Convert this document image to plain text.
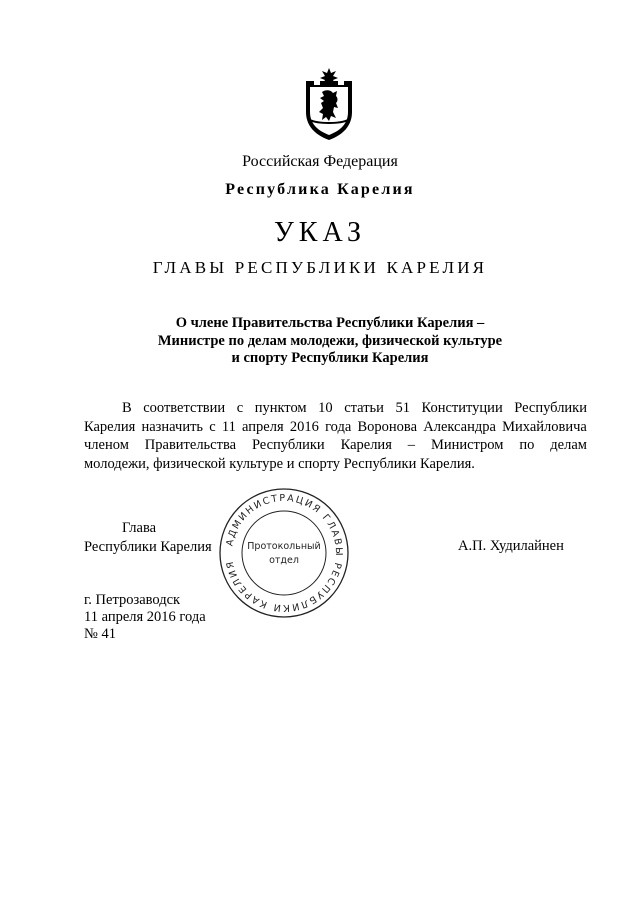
Российская Федерация
Республика Карелия
УКАЗ
ГЛАВЫ РЕСПУБЛИКИ КАРЕЛИЯ
О члене Правительства Республики Карелия –
Министре по делам молодежи, физической культуре
и спорту Республики Карелия
В соответствии с пунктом 10 статьи 51 Конституции Республики
Карелия назначить с 11 апреля 2016 года Воронова Александра Михайловича
членом Правительства Республики Карелия – Министром по делам
молодежи, физической культуре и спорту Республики Карелия.
Глава
Республики Карелия АДМИНИСТРАЦИЯ ГЛАВЫ РЕСПУБЛИКИ КАРЕЛИЯ
Протокольный
отдел
А.П. Худилайнен
г. Петрозаводск
11 апреля 2016 года
№ 41
